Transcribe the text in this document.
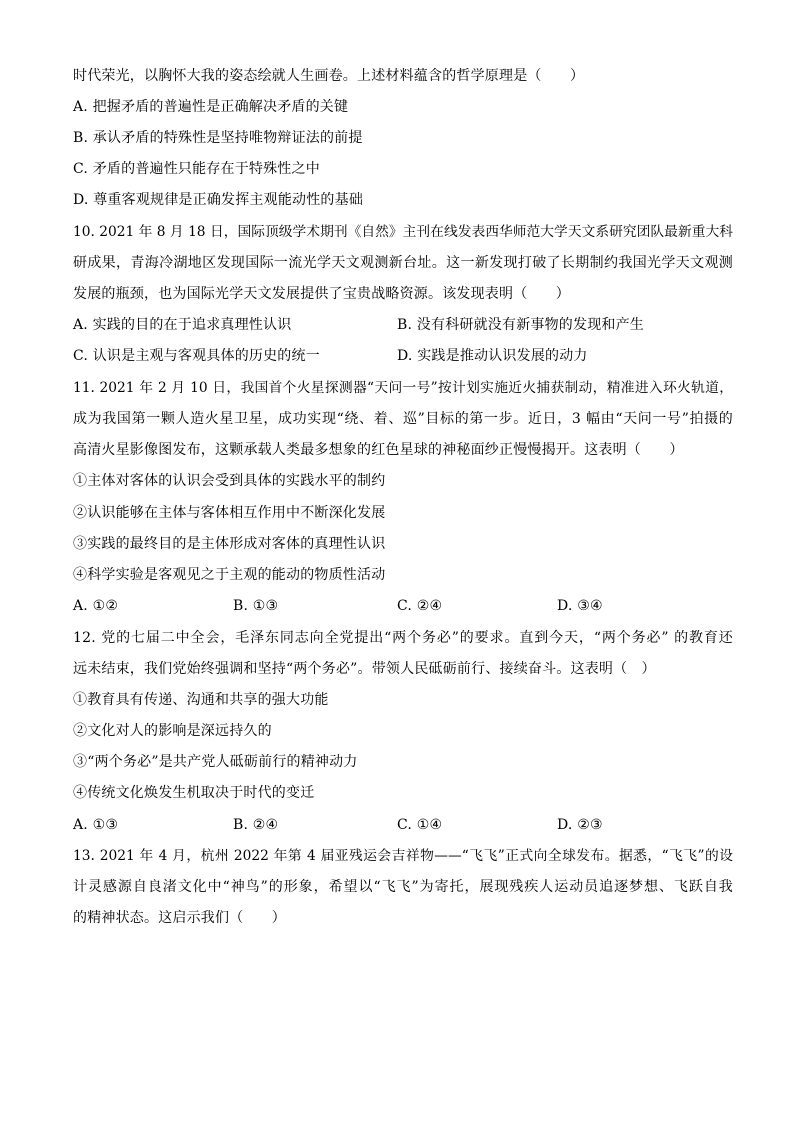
时代荣光，以胸怀大我的姿态绘就人生画卷。上述材料蕴含的哲学原理是（　　）
A. 把握矛盾的普遍性是正确解决矛盾的关键
B. 承认矛盾的特殊性是坚持唯物辩证法的前提
C. 矛盾的普遍性只能存在于特殊性之中
D. 尊重客观规律是正确发挥主观能动性的基础
10. 2021 年 8 月 18 日，国际顶级学术期刊《自然》主刊在线发表西华师范大学天文系研究团队最新重大科
研成果，青海冷湖地区发现国际一流光学天文观测新台址。这一新发现打破了长期制约我国光学天文观测
发展的瓶颈，也为国际光学天文发展提供了宝贵战略资源。该发现表明（　　）
A. 实践的目的在于追求真理性认识	B. 没有科研就没有新事物的发现和产生
C. 认识是主观与客观具体的历史的统一	D. 实践是推动认识发展的动力
11. 2021 年 2 月 10 日，我国首个火星探测器“天问一号”按计划实施近火捕获制动，精准进入环火轨道，
成为我国第一颗人造火星卫星，成功实现“绕、着、巡”目标的第一步。近日，3 幅由“天问一号”拍摄的
高清火星影像图发布，这颗承载人类最多想象的红色星球的神秘面纱正慢慢揭开。这表明（　　）
①主体对客体的认识会受到具体的实践水平的制约
②认识能够在主体与客体相互作用中不断深化发展
③实践的最终目的是主体形成对客体的真理性认识
④科学实验是客观见之于主观的能动的物质性活动
A. ①②	B. ①③	C. ②④	D. ③④
12. 党的七届二中全会，毛泽东同志向全党提出“两个务必”的要求。直到今天，“两个务必” 的教育还
远未结束，我们党始终强调和坚持“两个务必”。带领人民砥砺前行、接续奋斗。这表明（　）
①教育具有传递、沟通和共享的强大功能
②文化对人的影响是深远持久的
③“两个务必”是共产党人砥砺前行的精神动力
④传统文化焕发生机取决于时代的变迁
A. ①③	B. ②④	C. ①④	D. ②③
13. 2021 年 4 月，杭州 2022 年第 4 届亚残运会吉祥物——“飞飞”正式向全球发布。据悉，“飞飞”的设
计灵感源自良渚文化中“神鸟”的形象，希望以“飞飞”为寄托，展现残疾人运动员追逐梦想、飞跃自我
的精神状态。这启示我们（　　）
